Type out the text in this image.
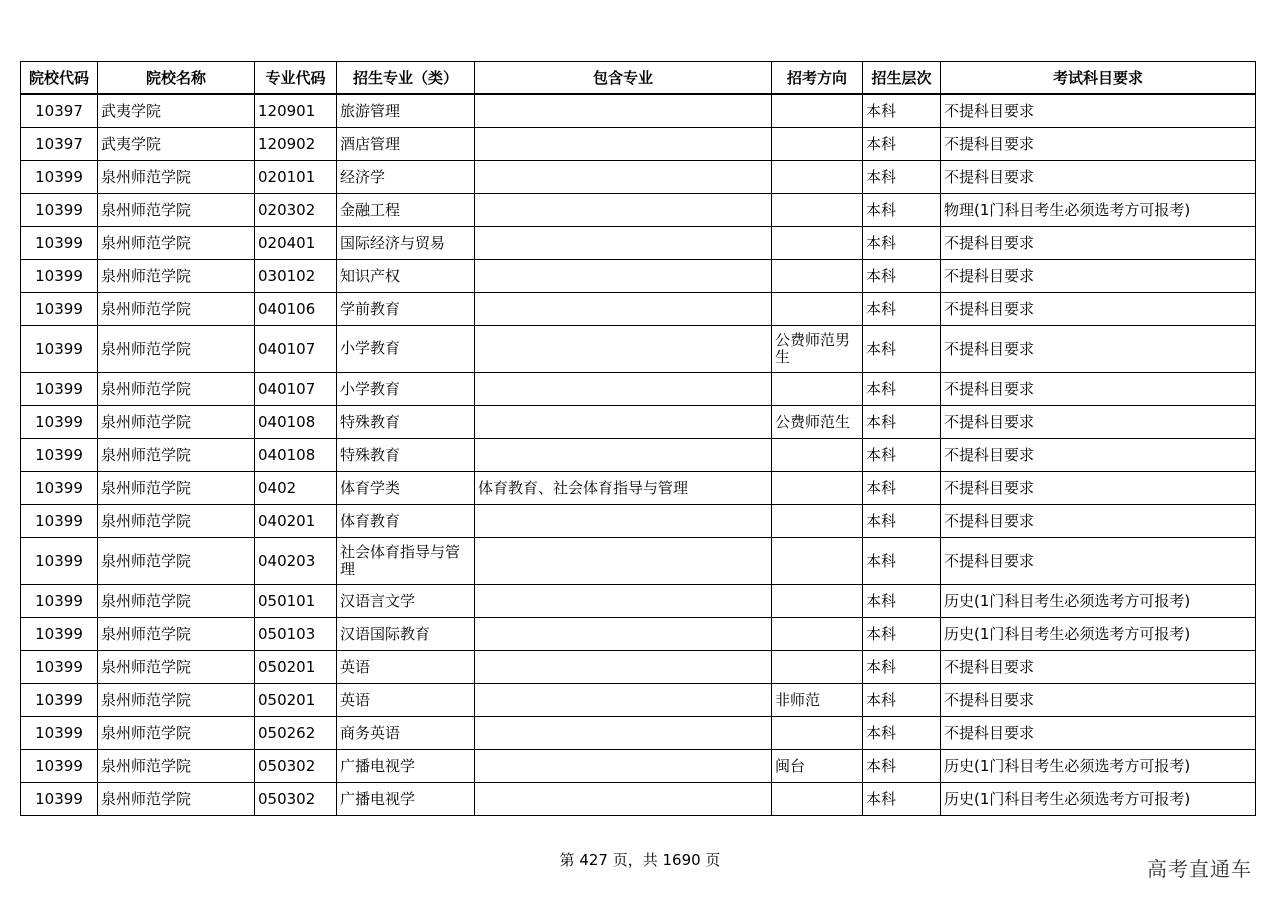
院校代码	院校名称	专业代码	招生专业（类）	包含专业	招考方向	招生层次	考试科目要求
10397	武夷学院	120901	旅游管理			本科	不提科目要求
10397	武夷学院	120902	酒店管理			本科	不提科目要求
10399	泉州师范学院	020101	经济学			本科	不提科目要求
10399	泉州师范学院	020302	金融工程			本科	物理(1门科目考生必须选考方可报考)
10399	泉州师范学院	020401	国际经济与贸易			本科	不提科目要求
10399	泉州师范学院	030102	知识产权			本科	不提科目要求
10399	泉州师范学院	040106	学前教育			本科	不提科目要求
10399	泉州师范学院	040107	小学教育		公费师范男生	本科	不提科目要求
10399	泉州师范学院	040107	小学教育			本科	不提科目要求
10399	泉州师范学院	040108	特殊教育		公费师范生	本科	不提科目要求
10399	泉州师范学院	040108	特殊教育			本科	不提科目要求
10399	泉州师范学院	0402	体育学类	体育教育、社会体育指导与管理		本科	不提科目要求
10399	泉州师范学院	040201	体育教育			本科	不提科目要求
10399	泉州师范学院	040203	社会体育指导与管理			本科	不提科目要求
10399	泉州师范学院	050101	汉语言文学			本科	历史(1门科目考生必须选考方可报考)
10399	泉州师范学院	050103	汉语国际教育			本科	历史(1门科目考生必须选考方可报考)
10399	泉州师范学院	050201	英语			本科	不提科目要求
10399	泉州师范学院	050201	英语		非师范	本科	不提科目要求
10399	泉州师范学院	050262	商务英语			本科	不提科目要求
10399	泉州师范学院	050302	广播电视学		闽台	本科	历史(1门科目考生必须选考方可报考)
10399	泉州师范学院	050302	广播电视学			本科	历史(1门科目考生必须选考方可报考)
第 427 页，共 1690 页	高考直通车
